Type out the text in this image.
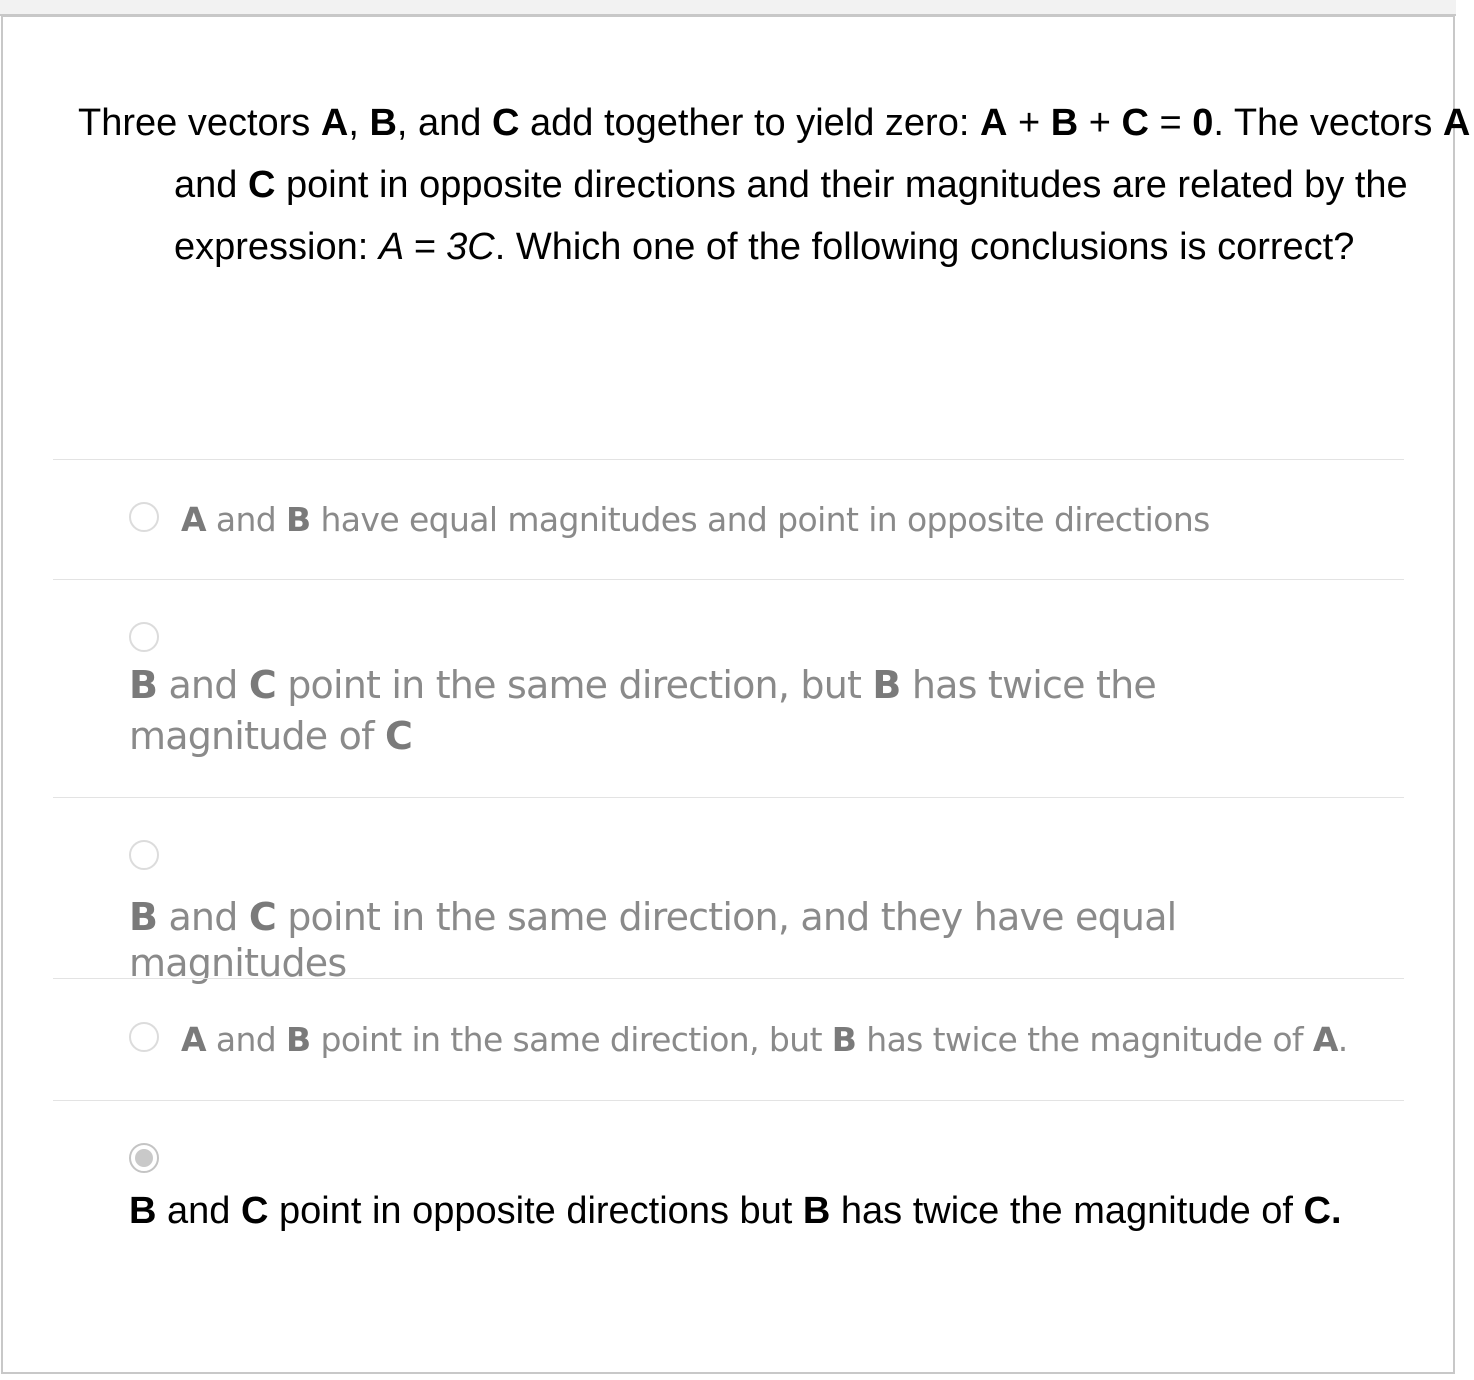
Three vectors A, B, and C add together to yield zero: A + B + C = 0. The vectors A and C point in opposite directions and their magnitudes are related by the expression: A = 3C. Which one of the following conclusions is correct?
A and B have equal magnitudes and point in opposite directions
B and C point in the same direction, but B has twice the magnitude of C
B and C point in the same direction, and they have equal magnitudes
A and B point in the same direction, but B has twice the magnitude of A.
B and C point in opposite directions but B has twice the magnitude of C.
